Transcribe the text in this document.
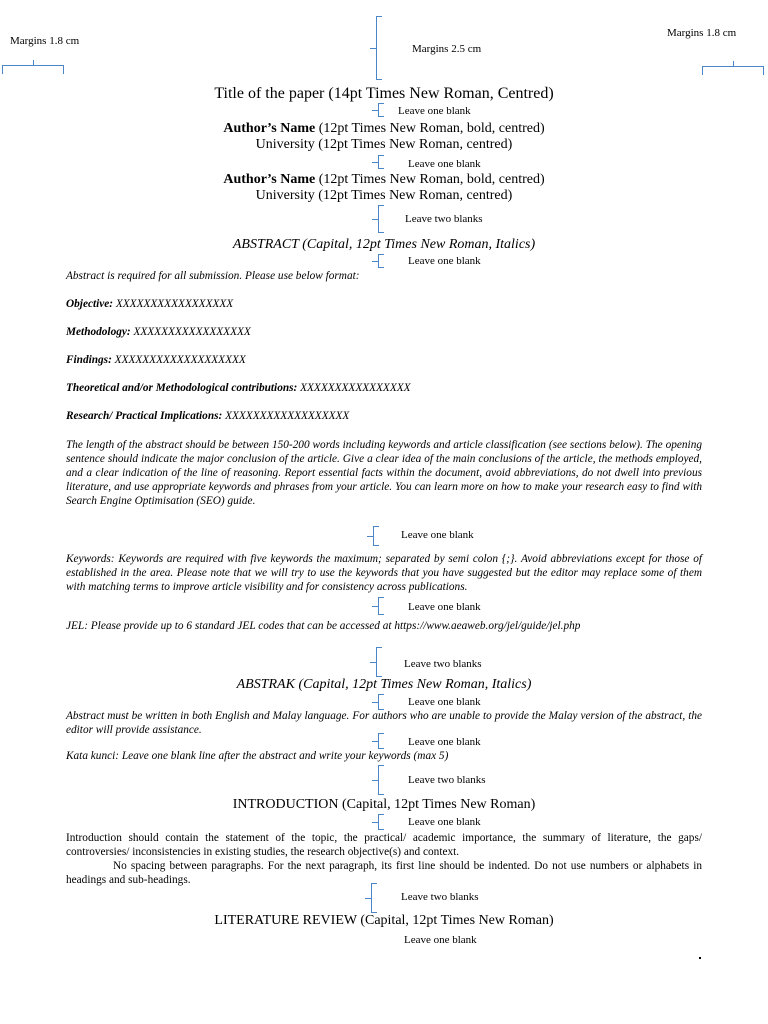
Margins 1.8 cm
Margins 2.5 cm
Margins 1.8 cm
Title of the paper (14pt Times New Roman, Centred)
Leave one blank
Author’s Name (12pt Times New Roman, bold, centred)
University (12pt Times New Roman, centred)
Leave one blank
Author’s Name (12pt Times New Roman, bold, centred)
University (12pt Times New Roman, centred)
Leave two blanks
ABSTRACT (Capital, 12pt Times New Roman, Italics)
Leave one blank
Abstract is required for all submission. Please use below format:
Objective: XXXXXXXXXXXXXXXXX
Methodology: XXXXXXXXXXXXXXXXX
Findings: XXXXXXXXXXXXXXXXXXX
Theoretical and/or Methodological contributions: XXXXXXXXXXXXXXXX
Research/ Practical Implications: XXXXXXXXXXXXXXXXXX
The length of the abstract should be between 150-200 words including keywords and article classification (see sections below). The opening sentence should indicate the major conclusion of the article. Give a clear idea of the main conclusions of the article, the methods employed, and a clear indication of the line of reasoning. Report essential facts within the document, avoid abbreviations, do not dwell into previous literature, and use appropriate keywords and phrases from your article. You can learn more on how to make your research easy to find with Search Engine Optimisation (SEO) guide.
Leave one blank
Keywords: Keywords are required with five keywords the maximum; separated by semi colon {;}. Avoid abbreviations except for those of established in the area. Please note that we will try to use the keywords that you have suggested but the editor may replace some of them with matching terms to improve article visibility and for consistency across publications.
Leave one blank
JEL: Please provide up to 6 standard JEL codes that can be accessed at https://www.aeaweb.org/jel/guide/jel.php
Leave two blanks
ABSTRAK (Capital, 12pt Times New Roman, Italics)
Leave one blank
Abstract must be written in both English and Malay language. For authors who are unable to provide the Malay version of the abstract, the editor will provide assistance.
Leave one blank
Kata kunci: Leave one blank line after the abstract and write your keywords (max 5)
Leave two blanks
INTRODUCTION (Capital, 12pt Times New Roman)
Leave one blank
Introduction should contain the statement of the topic, the practical/ academic importance, the summary of literature, the gaps/ controversies/ inconsistencies in existing studies, the research objective(s) and context.
No spacing between paragraphs. For the next paragraph, its first line should be indented. Do not use numbers or alphabets in headings and sub-headings.
Leave two blanks
LITERATURE REVIEW (Capital, 12pt Times New Roman)
Leave one blank
